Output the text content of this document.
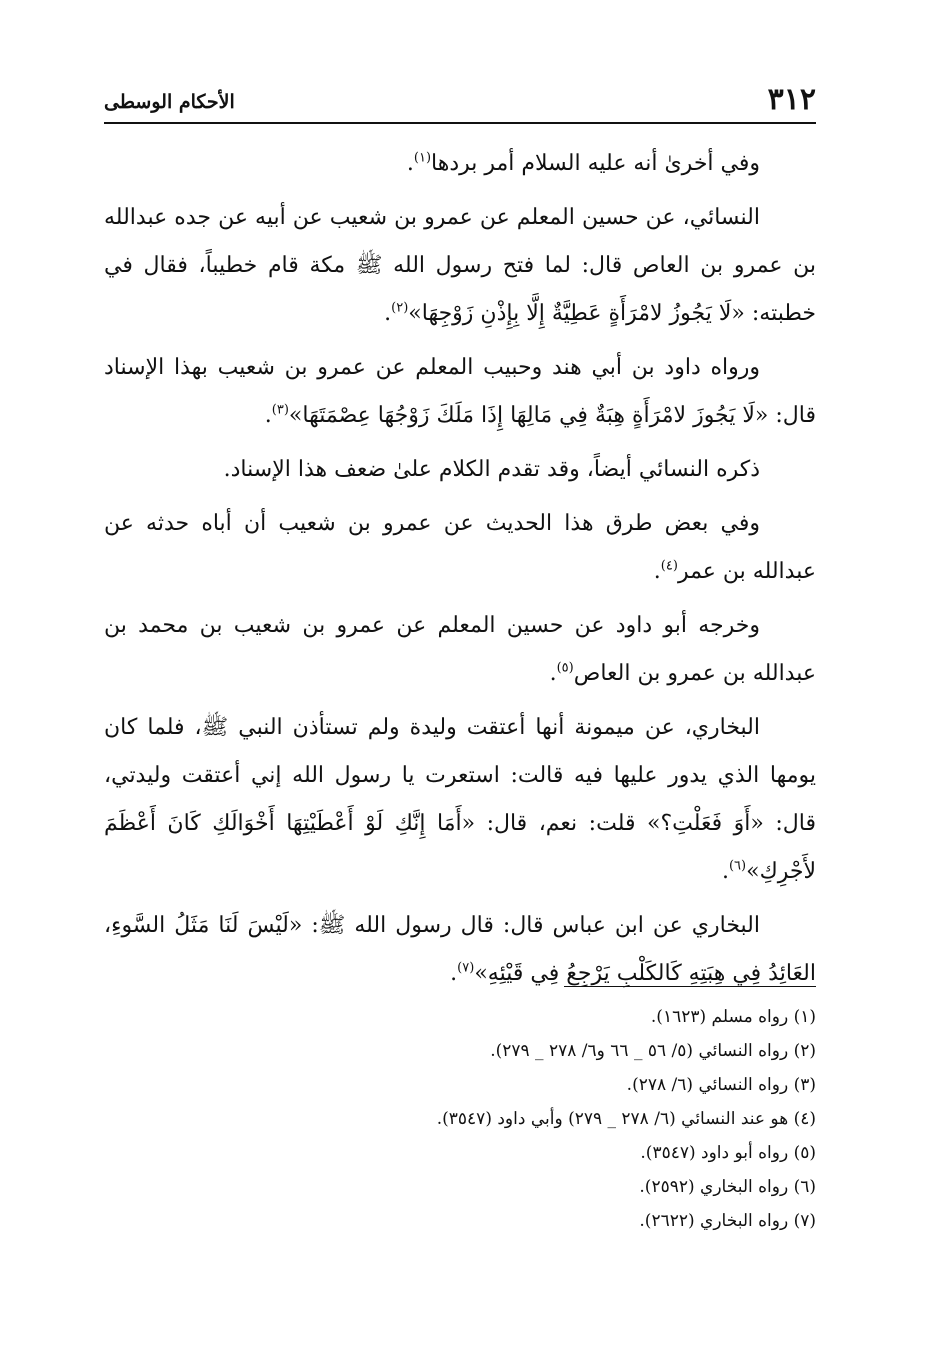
٣١٢
الأحكام الوسطى

وفي أخرىٰ أنه عليه السلام أمر بردها$^{(١)}$.

النسائي، عن حسين المعلم عن عمرو بن شعيب عن أبيه عن جده عبدالله بن عمرو بن العاص قال: لما فتح رسول الله ﷺ مكة قام خطيباً، فقال في خطبته: «لَا يَجُوزُ لامْرَأَةٍ عَطِيَّةٌ إِلَّا بِإِذْنِ زَوْجِهَا»$^{(٢)}$.

ورواه داود بن أبي هند وحبيب المعلم عن عمرو بن شعيب بهذا الإسناد قال: «لَا يَجُوزَ لامْرَأَةٍ هِبَةٌ فِي مَالِهَا إِذَا مَلَكَ زَوْجُهَا عِصْمَتَهَا»$^{(٣)}$.

ذكره النسائي أيضاً، وقد تقدم الكلام علىٰ ضعف هذا الإسناد.

وفي بعض طرق هذا الحديث عن عمرو بن شعيب أن أباه حدثه عن عبدالله بن عمر$^{(٤)}$.

وخرجه أبو داود عن حسين المعلم عن عمرو بن شعيب بن محمد بن عبدالله بن عمرو بن العاص$^{(٥)}$.

البخاري، عن ميمونة أنها أعتقت وليدة ولم تستأذن النبي ﷺ، فلما كان يومها الذي يدور عليها فيه قالت: استعرت يا رسول الله إني أعتقت وليدتي، قال: «أَوَ فَعَلْتِ؟» قلت: نعم، قال: «أَمَا إِنَّكِ لَوْ أَعْطَيْتِهَا أَخْوَالَكِ كَانَ أَعْظَمَ لأَجْرِكِ»$^{(٦)}$.

البخاري عن ابن عباس قال: قال رسول الله ﷺ: «لَيْسَ لَنَا مَثَلُ السَّوءِ، العَائِدُ فِي هِبَتِهِ كَالكَلْبِ يَرْجِعُ فِي قَيْئِهِ»$^{(٧)}$.

(١) رواه مسلم (١٦٢٣).
(٢) رواه النسائي (٥/ ٥٦ _ ٦٦ و٦/ ٢٧٨ _ ٢٧٩).
(٣) رواه النسائي (٦/ ٢٧٨).
(٤) هو عند النسائي (٦/ ٢٧٨ _ ٢٧٩) وأبي داود (٣٥٤٧).
(٥) رواه أبو داود (٣٥٤٧).
(٦) رواه البخاري (٢٥٩٢).
(٧) رواه البخاري (٢٦٢٢).
